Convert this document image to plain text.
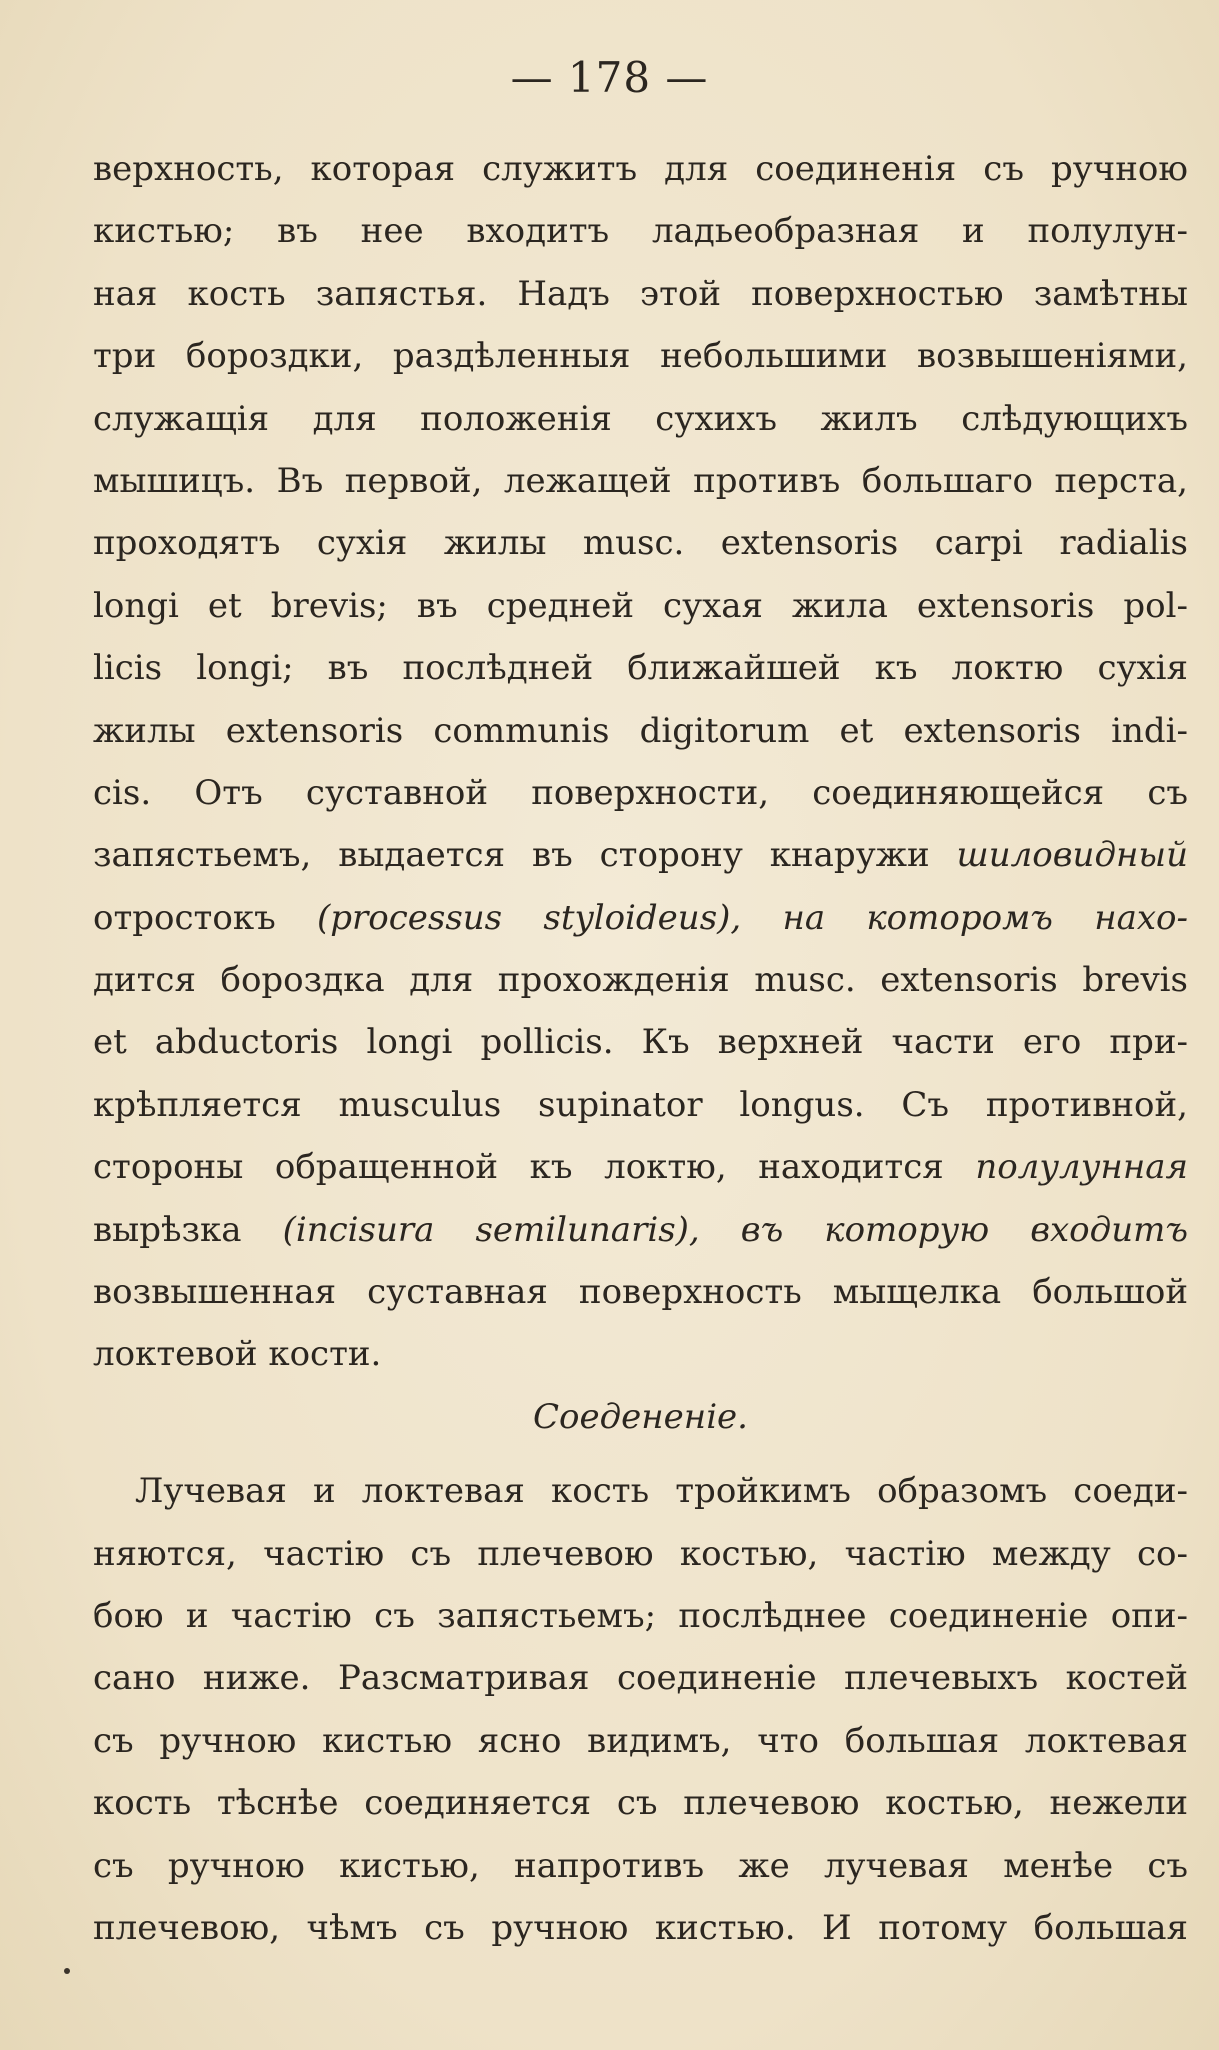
— 178 —
верхность, которая служитъ для соединенія съ ручною
кистью; въ нее входитъ ладьеобразная и полулун-
ная кость запястья. Надъ этой поверхностью замѣтны
три бороздки, раздѣленныя небольшими возвышеніями,
служащія для положенія сухихъ жилъ слѣдующихъ
мышицъ. Въ первой, лежащей противъ большаго перста,
проходятъ сухія жилы musc. extensoris carpi radialis
longi et brevis; въ средней сухая жила extensoris pol-
licis longi; въ послѣдней ближайшей къ локтю сухія
жилы extensoris communis digitorum et extensoris indi-
cis. Отъ суставной поверхности, соединяющейся съ
запястьемъ, выдается въ сторону кнаружи шиловидный
отростокъ (processus styloideus), на которомъ нахо-
дится бороздка для прохожденія musc. extensoris brevis
et abductoris longi pollicis. Къ верхней части его при-
крѣпляется musculus supinator longus. Съ противной,
стороны обращенной къ локтю, находится полулунная
вырѣзка (incisura semilunaris), въ которую входитъ
возвышенная суставная поверхность мыщелка большой
локтевой кости.
Соедененіе.
Лучевая и локтевая кость тройкимъ образомъ соеди-
няются, частію съ плечевою костью, частію между со-
бою и частію съ запястьемъ; послѣднее соединеніе опи-
сано ниже. Разсматривая соединеніе плечевыхъ костей
съ ручною кистью ясно видимъ, что большая локтевая
кость тѣснѣе соединяется съ плечевою костью, нежели
съ ручною кистью, напротивъ же лучевая менѣе съ
плечевою, чѣмъ съ ручною кистью. И потому большая
